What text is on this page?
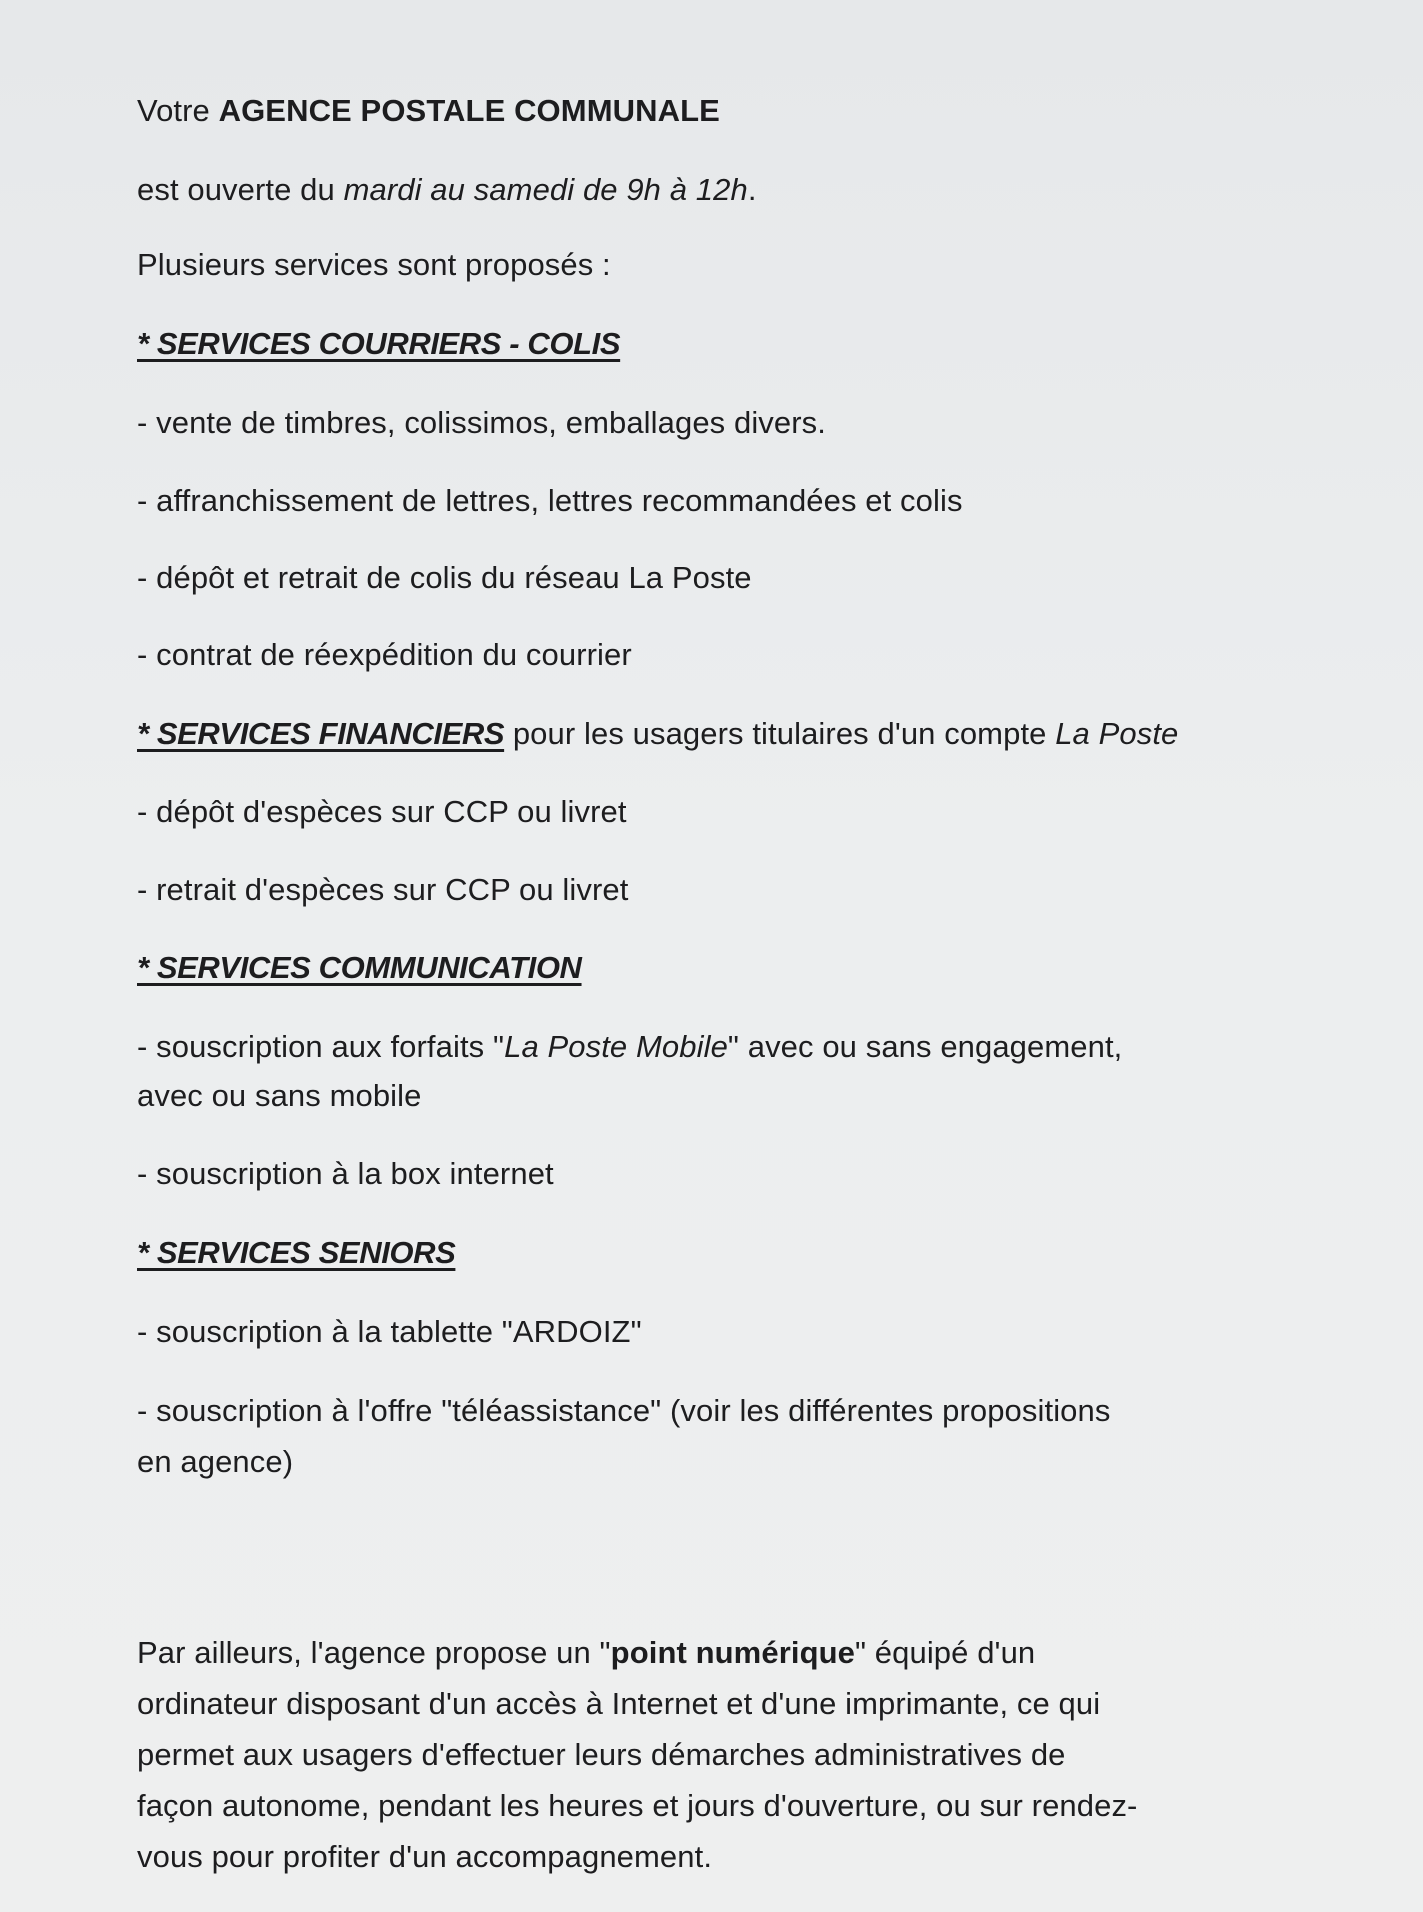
Votre AGENCE POSTALE COMMUNALE
est ouverte du mardi au samedi de 9h à 12h.
Plusieurs services sont proposés :
* SERVICES COURRIERS - COLIS
- vente de timbres, colissimos, emballages divers.
- affranchissement de lettres, lettres recommandées et colis
- dépôt et retrait de colis du réseau La Poste
- contrat de réexpédition du courrier
* SERVICES FINANCIERS pour les usagers titulaires d'un compte La Poste
- dépôt d'espèces sur CCP ou livret
- retrait d'espèces sur CCP ou livret
* SERVICES COMMUNICATION
- souscription aux forfaits "La Poste Mobile" avec ou sans engagement,
avec ou sans mobile
- souscription à la box internet
* SERVICES SENIORS
- souscription à la tablette "ARDOIZ"
- souscription à l'offre "téléassistance" (voir les différentes propositions
en agence)
Par ailleurs, l'agence propose un "point numérique" équipé d'un
ordinateur disposant d'un accès à Internet et d'une imprimante, ce qui
permet aux usagers d'effectuer leurs démarches administratives de
façon autonome, pendant les heures et jours d'ouverture, ou sur rendez-
vous pour profiter d'un accompagnement.
